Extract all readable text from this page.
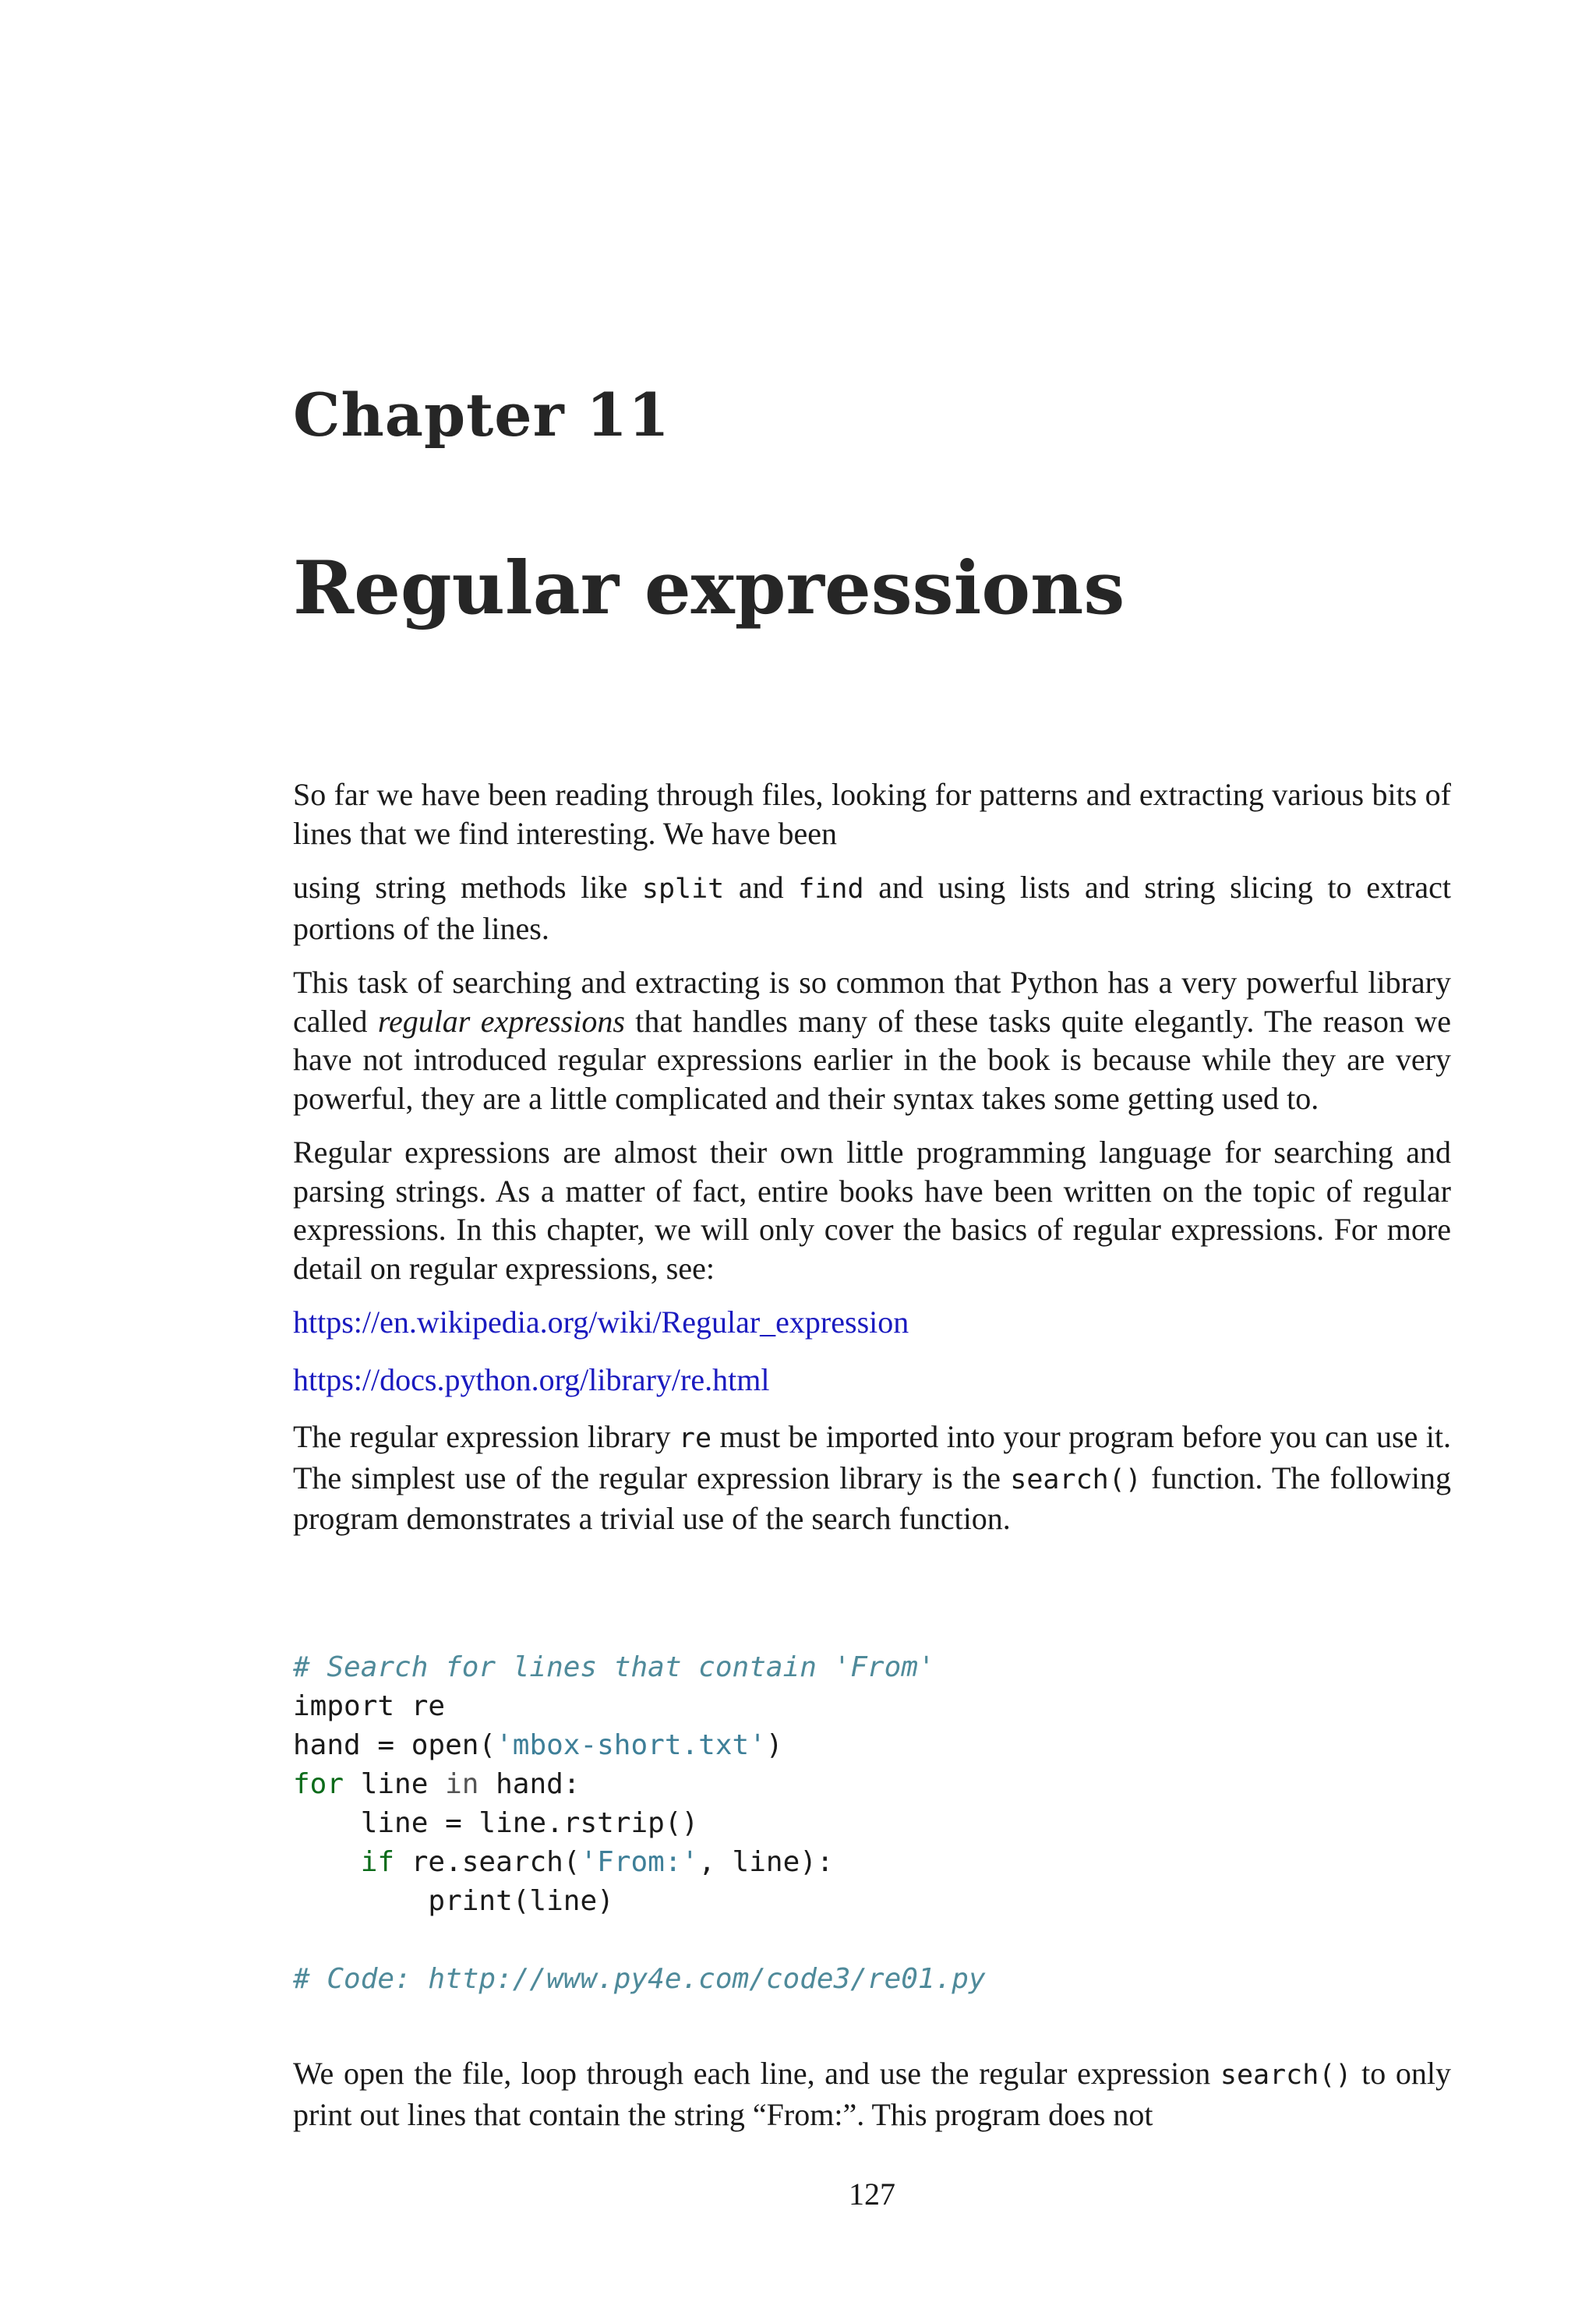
Chapter 11
Regular expressions

So far we have been reading through files, looking for patterns and extracting various bits of lines that we find interesting. We have been

using string methods like split and find and using lists and string slicing to extract portions of the lines.

This task of searching and extracting is so common that Python has a very powerful library called regular expressions that handles many of these tasks quite elegantly. The reason we have not introduced regular expressions earlier in the book is because while they are very powerful, they are a little complicated and their syntax takes some getting used to.

Regular expressions are almost their own little programming language for searching and parsing strings. As a matter of fact, entire books have been written on the topic of regular expressions. In this chapter, we will only cover the basics of regular expressions. For more detail on regular expressions, see:

https://en.wikipedia.org/wiki/Regular_expression

https://docs.python.org/library/re.html

The regular expression library re must be imported into your program before you can use it. The simplest use of the regular expression library is the search() function. The following program demonstrates a trivial use of the search function.

# Search for lines that contain 'From'
import re
hand = open('mbox-short.txt')
for line in hand:
line = line.rstrip()
if re.search('From:', line):
print(line)
# Code: http://www.py4e.com/code3/re01.py

We open the file, loop through each line, and use the regular expression search() to only print out lines that contain the string “From:”. This program does not

127
